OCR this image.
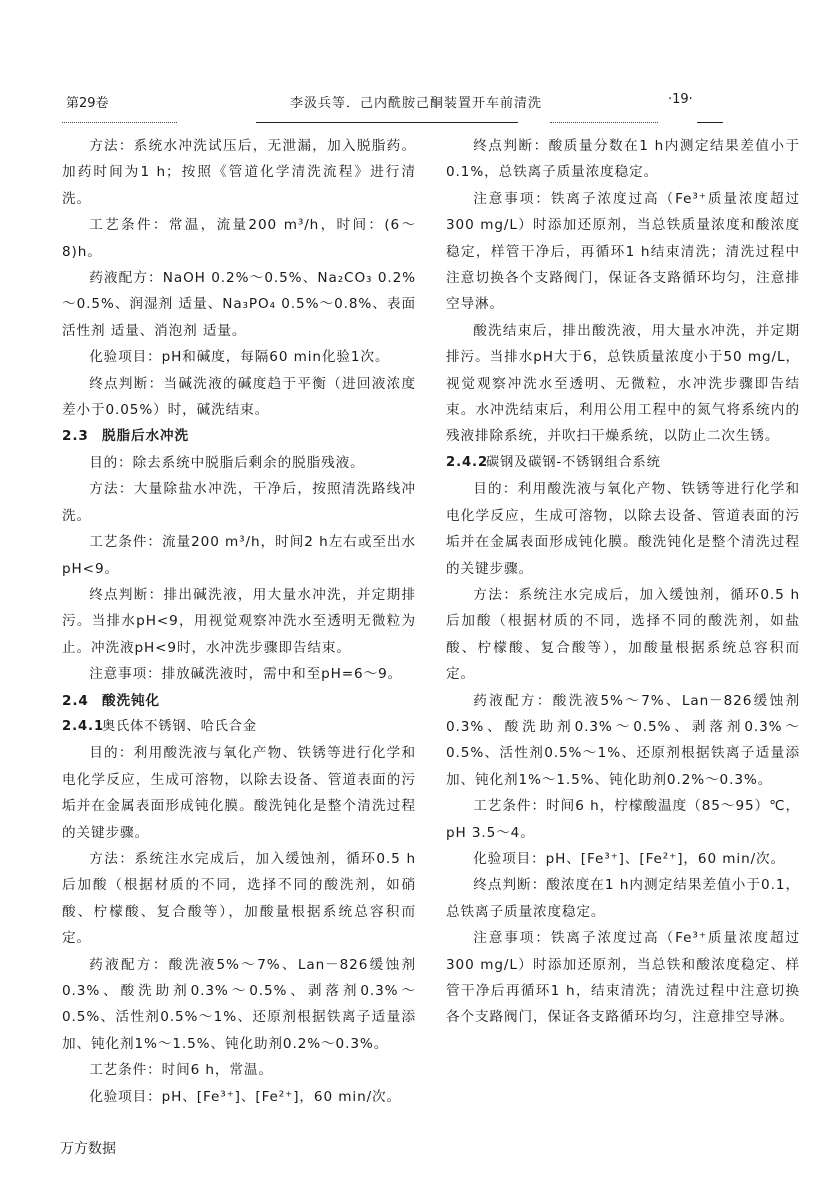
第29卷	李汲兵等．己内酰胺己酮装置开车前清洗	·19·

方法：系统水冲洗试压后，无泄漏，加入脱脂药。加药时间为1 h；按照《管道化学清洗流程》进行清洗。

工艺条件：常温，流量200 m³/h，时间：(6～8)h。

药液配方：NaOH 0.2%～0.5%、Na₂CO₃ 0.2%～0.5%、润湿剂 适量、Na₃PO₄ 0.5%～0.8%、表面活性剂 适量、消泡剂 适量。

化验项目：pH和碱度，每隔60 min化验1次。

终点判断：当碱洗液的碱度趋于平衡（进回液浓度差小于0.05%）时，碱洗结束。

2.3 脱脂后水冲洗

目的：除去系统中脱脂后剩余的脱脂残液。

方法：大量除盐水冲洗，干净后，按照清洗路线冲洗。

工艺条件：流量200 m³/h，时间2 h左右或至出水pH<9。

终点判断：排出碱洗液，用大量水冲洗，并定期排污。当排水pH<9，用视觉观察冲洗水至透明无微粒为止。冲洗液pH<9时，水冲洗步骤即告结束。

注意事项：排放碱洗液时，需中和至pH=6～9。

2.4 酸洗钝化
2.4.1奥氏体不锈钢、哈氏合金

目的：利用酸洗液与氧化产物、铁锈等进行化学和电化学反应，生成可溶物，以除去设备、管道表面的污垢并在金属表面形成钝化膜。酸洗钝化是整个清洗过程的关键步骤。

方法：系统注水完成后，加入缓蚀剂，循环0.5 h后加酸（根据材质的不同，选择不同的酸洗剂，如硝酸、柠檬酸、复合酸等），加酸量根据系统总容积而定。

药液配方：酸洗液5%～7%、Lan－826缓蚀剂0.3%、酸洗助剂0.3%～0.5%、剥落剂0.3%～0.5%、活性剂0.5%～1%、还原剂根据铁离子适量添加、钝化剂1%～1.5%、钝化助剂0.2%～0.3%。

工艺条件：时间6 h，常温。

化验项目：pH、[Fe³⁺]、[Fe²⁺]，60 min/次。

终点判断：酸质量分数在1 h内测定结果差值小于0.1%，总铁离子质量浓度稳定。

注意事项：铁离子浓度过高（Fe³⁺质量浓度超过300 mg/L）时添加还原剂，当总铁质量浓度和酸浓度稳定，样管干净后，再循环1 h结束清洗；清洗过程中注意切换各个支路阀门，保证各支路循环均匀，注意排空导淋。

酸洗结束后，排出酸洗液，用大量水冲洗，并定期排污。当排水pH大于6，总铁质量浓度小于50 mg/L，视觉观察冲洗水至透明、无微粒，水冲洗步骤即告结束。水冲洗结束后，利用公用工程中的氮气将系统内的残液排除系统，并吹扫干燥系统，以防止二次生锈。

2.4.2碳钢及碳钢-不锈钢组合系统

目的：利用酸洗液与氧化产物、铁锈等进行化学和电化学反应，生成可溶物，以除去设备、管道表面的污垢并在金属表面形成钝化膜。酸洗钝化是整个清洗过程的关键步骤。

方法：系统注水完成后，加入缓蚀剂，循环0.5 h后加酸（根据材质的不同，选择不同的酸洗剂，如盐酸、柠檬酸、复合酸等），加酸量根据系统总容积而定。

药液配方：酸洗液5%～7%、Lan－826缓蚀剂0.3%、酸洗助剂0.3%～0.5%、剥落剂0.3%～0.5%、活性剂0.5%～1%、还原剂根据铁离子适量添加、钝化剂1%～1.5%、钝化助剂0.2%～0.3%。

工艺条件：时间6 h，柠檬酸温度（85～95）℃，pH 3.5～4。

化验项目：pH、[Fe³⁺]、[Fe²⁺]，60 min/次。

终点判断：酸浓度在1 h内测定结果差值小于0.1，总铁离子质量浓度稳定。

注意事项：铁离子浓度过高（Fe³⁺质量浓度超过300 mg/L）时添加还原剂，当总铁和酸浓度稳定、样管干净后再循环1 h，结束清洗；清洗过程中注意切换各个支路阀门，保证各支路循环均匀，注意排空导淋。

万方数据
